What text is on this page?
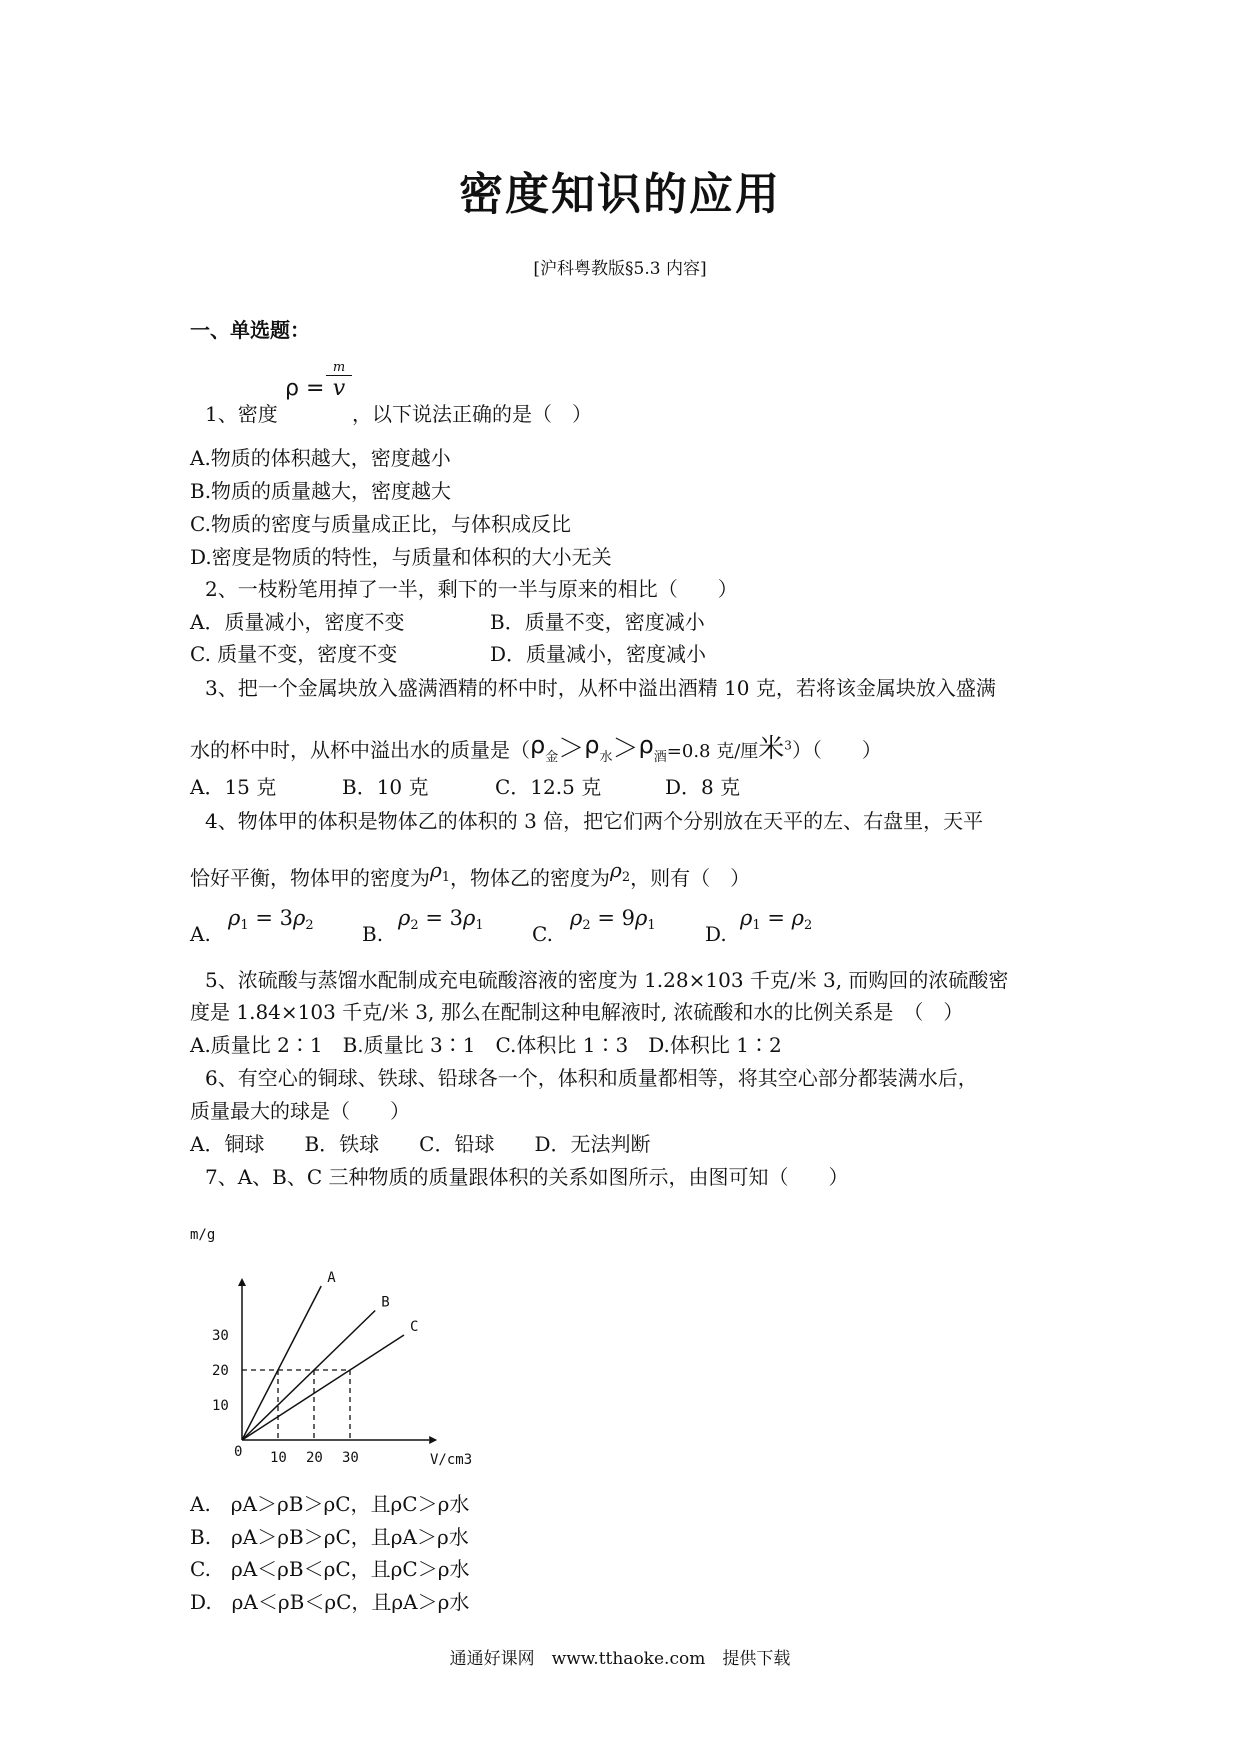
密度知识的应用
[沪科粤教版§5.3 内容]
一、单选题：
ρ =
m
v
1、密度	，以下说法正确的是（　）
A.物质的体积越大，密度越小
B.物质的质量越大，密度越大
C.物质的密度与质量成正比，与体积成反比
D.密度是物质的特性，与质量和体积的大小无关
2、一枝粉笔用掉了一半，剩下的一半与原来的相比（　　）
A．质量减小，密度不变	B．质量不变，密度减小
C. 质量不变，密度不变	D．质量减小，密度减小
3、把一个金属块放入盛满酒精的杯中时，从杯中溢出酒精 10 克，若将该金属块放入盛满
水的杯中时，从杯中溢出水的质量是（$\rho_金>\rho_水>\rho_酒=0.8$ 克/厘米$^3$）（　　）
A．15 克	B．10 克	C．12.5 克	D．8 克
4、物体甲的体积是物体乙的体积的 3 倍，把它们两个分别放在天平的左、右盘里，天平
恰好平衡，物体甲的密度为$\rho^1$，物体乙的密度为$\rho^2$，则有（　）
A.
$\rho_1 = 3\rho_2$ B.
$\rho_2 = 3\rho_1$ C.
$\rho_2 = 9\rho_1$ D.
$\rho_1 = \rho_2$
5、浓硫酸与蒸馏水配制成充电硫酸溶液的密度为 1.28×103 千克/米 3, 而购回的浓硫酸密
度是 1.84×103 千克/米 3, 那么在配制这种电解液时, 浓硫酸和水的比例关系是　（　）
A.质量比 2∶1　B.质量比 3∶1　C.体积比 1∶3　D.体积比 1∶2
6、有空心的铜球、铁球、铅球各一个，体积和质量都相等，将其空心部分都装满水后，
质量最大的球是（　　）
A．铜球　　B．铁球　　C．铅球　　D．无法判断
7、A、B、C 三种物质的质量跟体积的关系如图所示，由图可知（　　）
m/g
V/cm3
0 10 20 30
10
20
30
A
B
C
A.　ρA＞ρB＞ρC，且ρC＞ρ水
B.　ρA＞ρB＞ρC，且ρA＞ρ水
C.　ρA＜ρB＜ρC，且ρC＞ρ水
D.　ρA＜ρB＜ρC，且ρA＞ρ水
通通好课网　www.tthaoke.com　提供下载
